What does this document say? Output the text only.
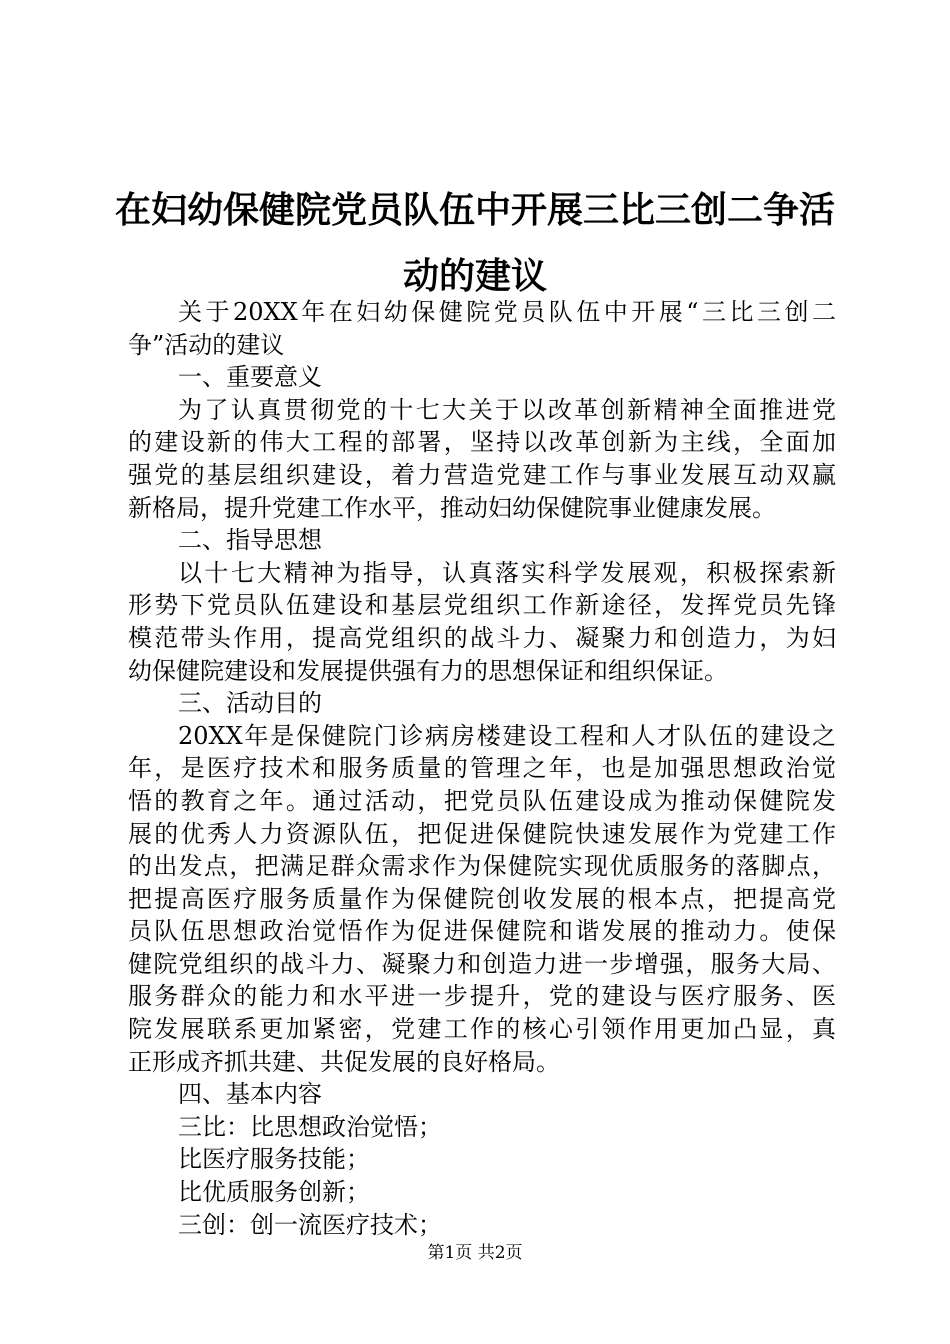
在妇幼保健院党员队伍中开展三比三创二争活
动的建议
关于20XX年在妇幼保健院党员队伍中开展“三比三创二
争”活动的建议
一、重要意义
为了认真贯彻党的十七大关于以改革创新精神全面推进党
的建设新的伟大工程的部署，坚持以改革创新为主线，全面加
强党的基层组织建设，着力营造党建工作与事业发展互动双赢
新格局，提升党建工作水平，推动妇幼保健院事业健康发展。
二、指导思想
以十七大精神为指导，认真落实科学发展观，积极探索新
形势下党员队伍建设和基层党组织工作新途径，发挥党员先锋
模范带头作用，提高党组织的战斗力、凝聚力和创造力，为妇
幼保健院建设和发展提供强有力的思想保证和组织保证。
三、活动目的
20XX年是保健院门诊病房楼建设工程和人才队伍的建设之
年，是医疗技术和服务质量的管理之年，也是加强思想政治觉
悟的教育之年。通过活动，把党员队伍建设成为推动保健院发
展的优秀人力资源队伍，把促进保健院快速发展作为党建工作
的出发点，把满足群众需求作为保健院实现优质服务的落脚点，
把提高医疗服务质量作为保健院创收发展的根本点，把提高党
员队伍思想政治觉悟作为促进保健院和谐发展的推动力。使保
健院党组织的战斗力、凝聚力和创造力进一步增强，服务大局、
服务群众的能力和水平进一步提升，党的建设与医疗服务、医
院发展联系更加紧密，党建工作的核心引领作用更加凸显，真
正形成齐抓共建、共促发展的良好格局。
四、基本内容
三比：比思想政治觉悟；
比医疗服务技能；
比优质服务创新；
三创：创一流医疗技术；
第1页 共2页
